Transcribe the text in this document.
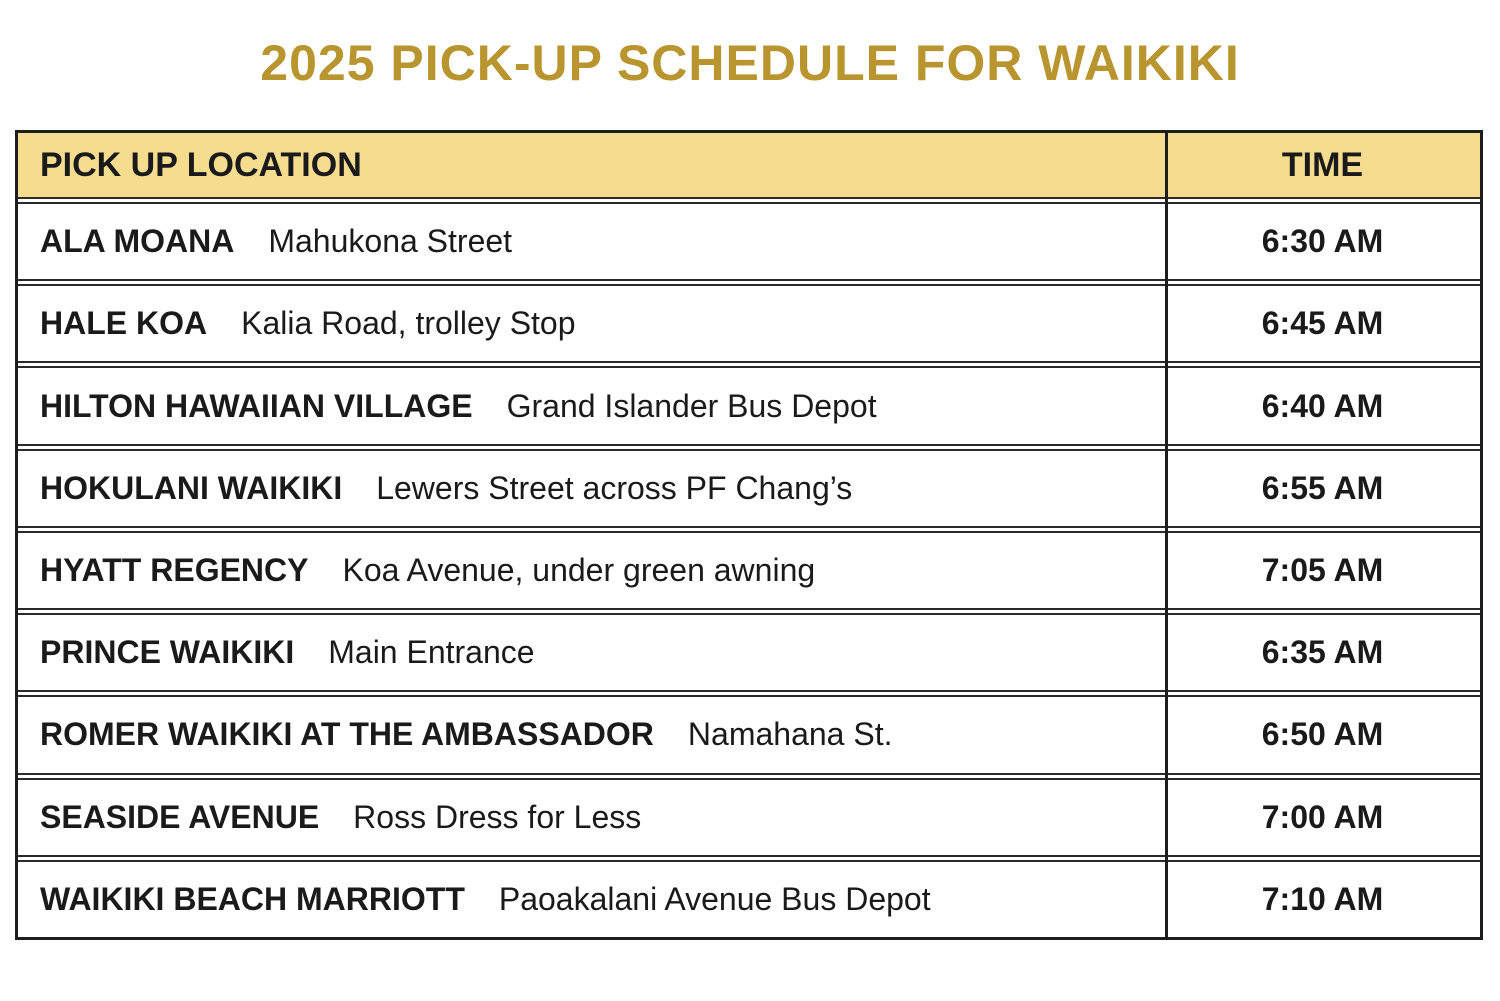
2025 PICK-UP SCHEDULE FOR WAIKIKI
PICK UP LOCATION	TIME
ALA MOANA Mahukona Street	6:30 AM
HALE KOA Kalia Road, trolley Stop	6:45 AM
HILTON HAWAIIAN VILLAGE Grand Islander Bus Depot	6:40 AM
HOKULANI WAIKIKI Lewers Street across PF Chang’s	6:55 AM
HYATT REGENCY Koa Avenue, under green awning	7:05 AM
PRINCE WAIKIKI Main Entrance	6:35 AM
ROMER WAIKIKI AT THE AMBASSADOR Namahana St.	6:50 AM
SEASIDE AVENUE Ross Dress for Less	7:00 AM
WAIKIKI BEACH MARRIOTT Paoakalani Avenue Bus Depot	7:10 AM
